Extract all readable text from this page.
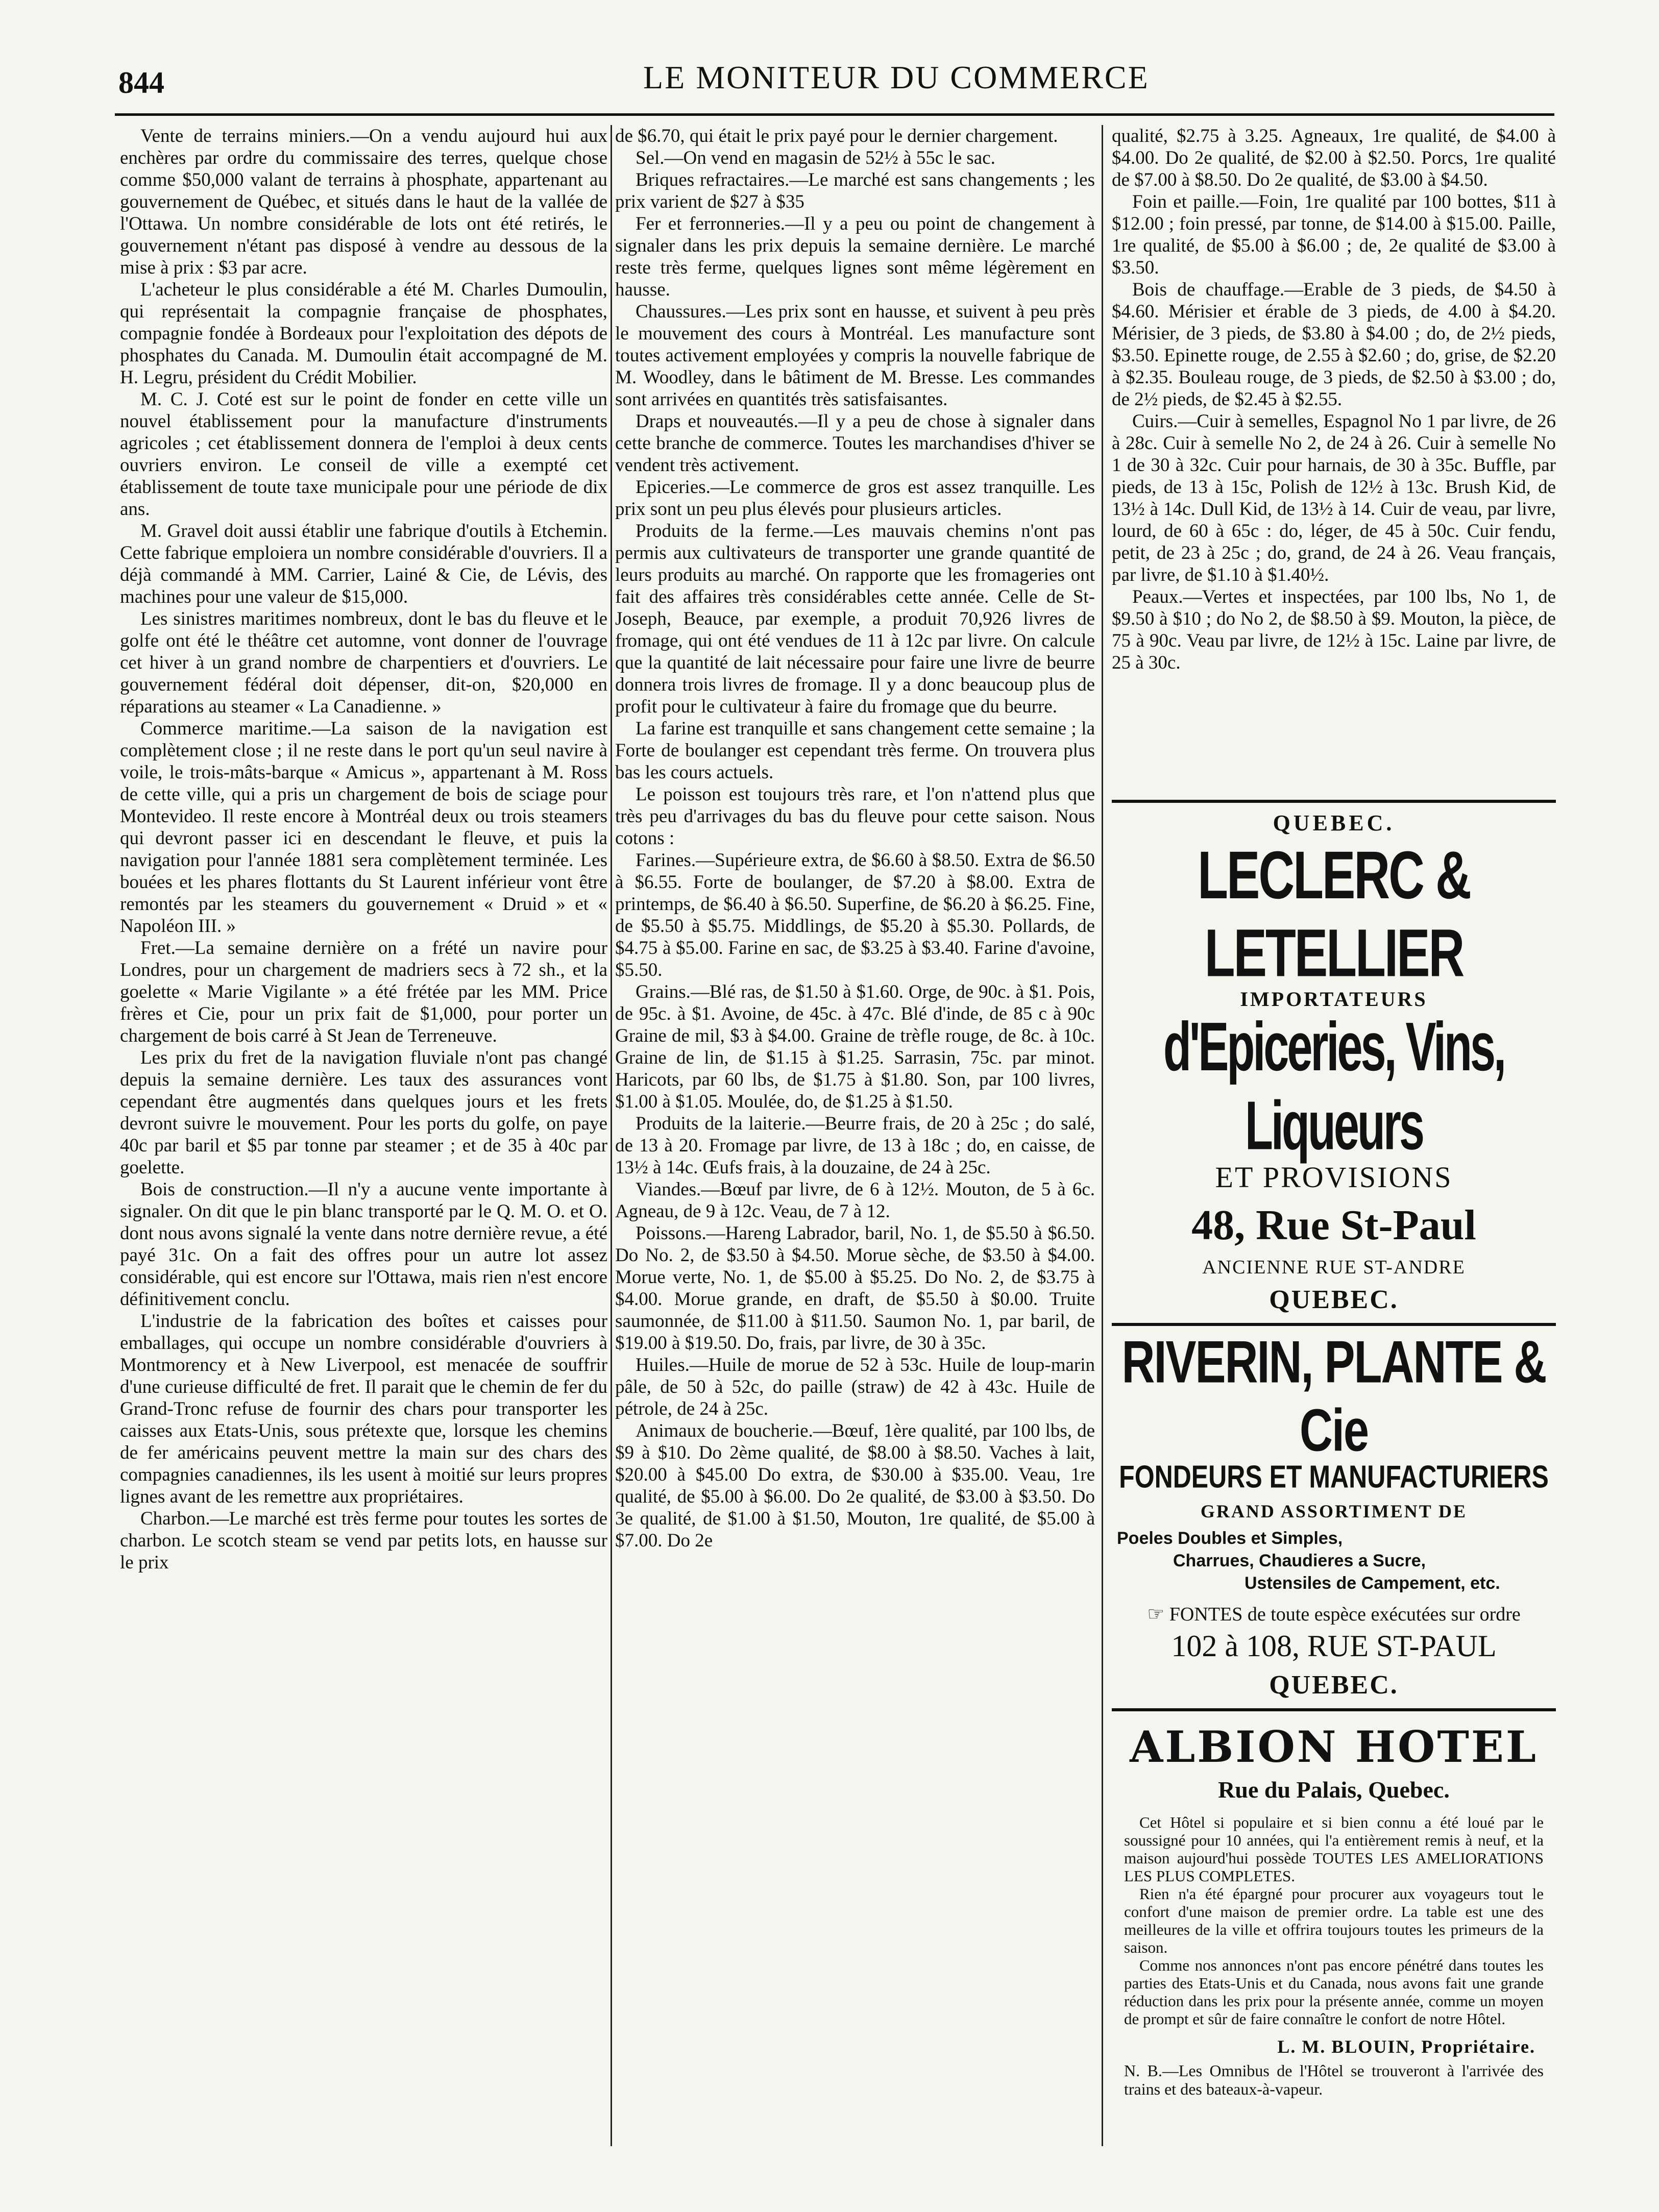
844	LE MONITEUR DU COMMERCE

Vente de terrains miniers.—On a vendu aujourd hui aux enchères par ordre du commissaire des terres, quelque chose comme $50,000 valant de terrains à phosphate, appartenant au gouvernement de Québec, et situés dans le haut de la vallée de l'Ottawa. Un nombre considérable de lots ont été retirés, le gouvernement n'étant pas disposé à vendre au dessous de la mise à prix : $3 par acre.

L'acheteur le plus considérable a été M. Charles Dumoulin, qui représentait la compagnie française de phosphates, compagnie fondée à Bordeaux pour l'exploitation des dépots de phosphates du Canada. M. Dumoulin était accompagné de M. H. Legru, président du Crédit Mobilier.

M. C. J. Coté est sur le point de fonder en cette ville un nouvel établissement pour la manufacture d'instruments agricoles ; cet établissement donnera de l'emploi à deux cents ouvriers environ. Le conseil de ville a exempté cet établissement de toute taxe municipale pour une période de dix ans.

M. Gravel doit aussi établir une fabrique d'outils à Etchemin. Cette fabrique emploiera un nombre considérable d'ouvriers. Il a déjà commandé à MM. Carrier, Lainé & Cie, de Lévis, des machines pour une valeur de $15,000.

Les sinistres maritimes nombreux, dont le bas du fleuve et le golfe ont été le théâtre cet automne, vont donner de l'ouvrage cet hiver à un grand nombre de charpentiers et d'ouvriers. Le gouvernement fédéral doit dépenser, dit-on, $20,000 en réparations au steamer « La Canadienne. »

Commerce maritime.—La saison de la navigation est complètement close ; il ne reste dans le port qu'un seul navire à voile, le trois-mâts-barque « Amicus », appartenant à M. Ross de cette ville, qui a pris un chargement de bois de sciage pour Montevideo. Il reste encore à Montréal deux ou trois steamers qui devront passer ici en descendant le fleuve, et puis la navigation pour l'année 1881 sera complètement terminée. Les bouées et les phares flottants du St Laurent inférieur vont être remontés par les steamers du gouvernement « Druid » et « Napoléon III. »

Fret.—La semaine dernière on a frété un navire pour Londres, pour un chargement de madriers secs à 72 sh., et la goelette « Marie Vigilante » a été frétée par les MM. Price frères et Cie, pour un prix fait de $1,000, pour porter un chargement de bois carré à St Jean de Terreneuve.

Les prix du fret de la navigation fluviale n'ont pas changé depuis la semaine dernière. Les taux des assurances vont cependant être augmentés dans quelques jours et les frets devront suivre le mouvement. Pour les ports du golfe, on paye 40c par baril et $5 par tonne par steamer ; et de 35 à 40c par goelette.

Bois de construction.—Il n'y a aucune vente importante à signaler. On dit que le pin blanc transporté par le Q. M. O. et O. dont nous avons signalé la vente dans notre dernière revue, a été payé 31c. On a fait des offres pour un autre lot assez considérable, qui est encore sur l'Ottawa, mais rien n'est encore définitivement conclu.

L'industrie de la fabrication des boîtes et caisses pour emballages, qui occupe un nombre considérable d'ouvriers à Montmorency et à New Liverpool, est menacée de souffrir d'une curieuse difficulté de fret. Il parait que le chemin de fer du Grand-Tronc refuse de fournir des chars pour transporter les caisses aux Etats-Unis, sous prétexte que, lorsque les chemins de fer américains peuvent mettre la main sur des chars des compagnies canadiennes, ils les usent à moitié sur leurs propres lignes avant de les remettre aux propriétaires.

Charbon.—Le marché est très ferme pour toutes les sortes de charbon. Le scotch steam se vend par petits lots, en hausse sur le prix

de $6.70, qui était le prix payé pour le dernier chargement.

Sel.—On vend en magasin de 52½ à 55c le sac.

Briques refractaires.—Le marché est sans changements ; les prix varient de $27 à $35

Fer et ferronneries.—Il y a peu ou point de changement à signaler dans les prix depuis la semaine dernière. Le marché reste très ferme, quelques lignes sont même légèrement en hausse.

Chaussures.—Les prix sont en hausse, et suivent à peu près le mouvement des cours à Montréal. Les manufacture sont toutes activement employées y compris la nouvelle fabrique de M. Woodley, dans le bâtiment de M. Bresse. Les commandes sont arrivées en quantités très satisfaisantes.

Draps et nouveautés.—Il y a peu de chose à signaler dans cette branche de commerce. Toutes les marchandises d'hiver se vendent très activement.

Epiceries.—Le commerce de gros est assez tranquille. Les prix sont un peu plus élevés pour plusieurs articles.

Produits de la ferme.—Les mauvais chemins n'ont pas permis aux cultivateurs de transporter une grande quantité de leurs produits au marché. On rapporte que les fromageries ont fait des affaires très considérables cette année. Celle de St-Joseph, Beauce, par exemple, a produit 70,926 livres de fromage, qui ont été vendues de 11 à 12c par livre. On calcule que la quantité de lait nécessaire pour faire une livre de beurre donnera trois livres de fromage. Il y a donc beaucoup plus de profit pour le cultivateur à faire du fromage que du beurre.

La farine est tranquille et sans changement cette semaine ; la Forte de boulanger est cependant très ferme. On trouvera plus bas les cours actuels.

Le poisson est toujours très rare, et l'on n'attend plus que très peu d'arrivages du bas du fleuve pour cette saison. Nous cotons :

Farines.—Supérieure extra, de $6.60 à $8.50. Extra de $6.50 à $6.55. Forte de boulanger, de $7.20 à $8.00. Extra de printemps, de $6.40 à $6.50. Superfine, de $6.20 à $6.25. Fine, de $5.50 à $5.75. Middlings, de $5.20 à $5.30. Pollards, de $4.75 à $5.00. Farine en sac, de $3.25 à $3.40. Farine d'avoine, $5.50.

Grains.—Blé ras, de $1.50 à $1.60. Orge, de 90c. à $1. Pois, de 95c. à $1. Avoine, de 45c. à 47c. Blé d'inde, de 85 c à 90c Graine de mil, $3 à $4.00. Graine de trèfle rouge, de 8c. à 10c. Graine de lin, de $1.15 à $1.25. Sarrasin, 75c. par minot. Haricots, par 60 lbs, de $1.75 à $1.80. Son, par 100 livres, $1.00 à $1.05. Moulée, do, de $1.25 à $1.50.

Produits de la laiterie.—Beurre frais, de 20 à 25c ; do salé, de 13 à 20. Fromage par livre, de 13 à 18c ; do, en caisse, de 13½ à 14c. Œufs frais, à la douzaine, de 24 à 25c.

Viandes.—Bœuf par livre, de 6 à 12½. Mouton, de 5 à 6c. Agneau, de 9 à 12c. Veau, de 7 à 12.

Poissons.—Hareng Labrador, baril, No. 1, de $5.50 à $6.50. Do No. 2, de $3.50 à $4.50. Morue sèche, de $3.50 à $4.00. Morue verte, No. 1, de $5.00 à $5.25. Do No. 2, de $3.75 à $4.00. Morue grande, en draft, de $5.50 à $0.00. Truite saumonnée, de $11.00 à $11.50. Saumon No. 1, par baril, de $19.00 à $19.50. Do, frais, par livre, de 30 à 35c.

Huiles.—Huile de morue de 52 à 53c. Huile de loup-marin pâle, de 50 à 52c, do paille (straw) de 42 à 43c. Huile de pétrole, de 24 à 25c.

Animaux de boucherie.—Bœuf, 1ère qualité, par 100 lbs, de $9 à $10. Do 2ème qualité, de $8.00 à $8.50. Vaches à lait, $20.00 à $45.00 Do extra, de $30.00 à $35.00. Veau, 1re qualité, de $5.00 à $6.00. Do 2e qualité, de $3.00 à $3.50. Do 3e qualité, de $1.00 à $1.50, Mouton, 1re qualité, de $5.00 à $7.00. Do 2e

qualité, $2.75 à 3.25. Agneaux, 1re qualité, de $4.00 à $4.00. Do 2e qualité, de $2.00 à $2.50. Porcs, 1re qualité de $7.00 à $8.50. Do 2e qualité, de $3.00 à $4.50.

Foin et paille.—Foin, 1re qualité par 100 bottes, $11 à $12.00 ; foin pressé, par tonne, de $14.00 à $15.00. Paille, 1re qualité, de $5.00 à $6.00 ; de, 2e qualité de $3.00 à $3.50.

Bois de chauffage.—Erable de 3 pieds, de $4.50 à $4.60. Mérisier et érable de 3 pieds, de 4.00 à $4.20. Mérisier, de 3 pieds, de $3.80 à $4.00 ; do, de 2½ pieds, $3.50. Epinette rouge, de 2.55 à $2.60 ; do, grise, de $2.20 à $2.35. Bouleau rouge, de 3 pieds, de $2.50 à $3.00 ; do, de 2½ pieds, de $2.45 à $2.55.

Cuirs.—Cuir à semelles, Espagnol No 1 par livre, de 26 à 28c. Cuir à semelle No 2, de 24 à 26. Cuir à semelle No 1 de 30 à 32c. Cuir pour harnais, de 30 à 35c. Buffle, par pieds, de 13 à 15c, Polish de 12½ à 13c. Brush Kid, de 13½ à 14c. Dull Kid, de 13½ à 14. Cuir de veau, par livre, lourd, de 60 à 65c : do, léger, de 45 à 50c. Cuir fendu, petit, de 23 à 25c ; do, grand, de 24 à 26. Veau français, par livre, de $1.10 à $1.40½.

Peaux.—Vertes et inspectées, par 100 lbs, No 1, de $9.50 à $10 ; do No 2, de $8.50 à $9. Mouton, la pièce, de 75 à 90c. Veau par livre, de 12½ à 15c. Laine par livre, de 25 à 30c.

QUEBEC.
LECLERC & LETELLIER
IMPORTATEURS
d'Epiceries, Vins, Liqueurs
ET PROVISIONS
48, Rue St-Paul
ANCIENNE RUE ST-ANDRE
QUEBEC.
RIVERIN, PLANTE & Cie
FONDEURS ET MANUFACTURIERS
GRAND ASSORTIMENT DE
Poeles Doubles et Simples,
Charrues, Chaudieres a Sucre,
Ustensiles de Campement, etc.
☞ FONTES de toute espèce exécutées sur ordre
102 à 108, RUE ST-PAUL
QUEBEC.
ALBION HOTEL
Rue du Palais, Quebec.

Cet Hôtel si populaire et si bien connu a été loué par le soussigné pour 10 années, qui l'a entièrement remis à neuf, et la maison aujourd'hui possède TOUTES LES AMELIORATIONS LES PLUS COMPLETES.

Rien n'a été épargné pour procurer aux voyageurs tout le confort d'une maison de premier ordre. La table est une des meilleures de la ville et offrira toujours toutes les primeurs de la saison.

Comme nos annonces n'ont pas encore pénétré dans toutes les parties des Etats-Unis et du Canada, nous avons fait une grande réduction dans les prix pour la présente année, comme un moyen de prompt et sûr de faire connaître le confort de notre Hôtel.

L. M. BLOUIN, Propriétaire.
N. B.—Les Omnibus de l'Hôtel se trouveront à l'arrivée des trains et des bateaux-à-vapeur.
